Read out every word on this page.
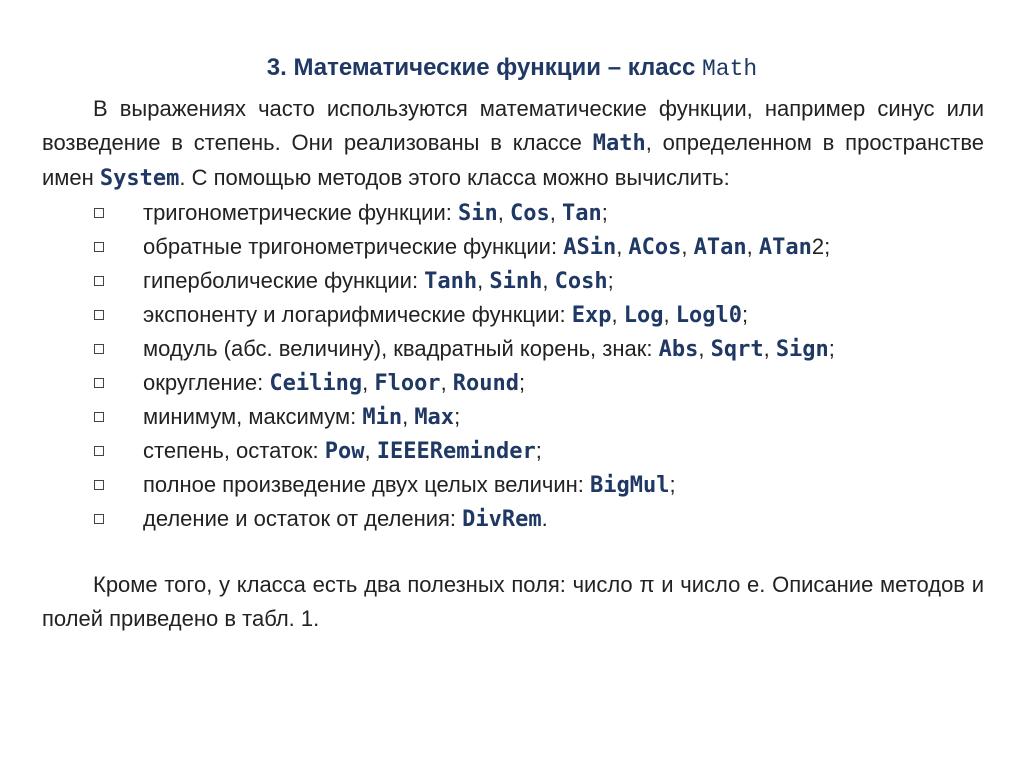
3. Математические функции – класс Math

В выражениях часто используются математические функции, например синус или возведение в степень. Они реализованы в классе Math, определенном в пространстве имен System. С помощью методов этого класса можно вычислить:

тригонометрические функции: Sin, Cos, Tan;
обратные тригонометрические функции: ASin, ACos, ATan, ATan2;
гиперболические функции: Tanh, Sinh, Cosh;
экспоненту и логарифмические функции: Exp, Log, Logl0;
модуль (абс. величину), квадратный корень, знак: Abs, Sqrt, Sign;
округление: Ceiling, Floor, Round;
минимум, максимум: Min, Max;
степень, остаток: Pow, IEEEReminder;
полное произведение двух целых величин: BigMul;
деление и остаток от деления: DivRem.

Кроме того, у класса есть два полезных поля: число π и число е. Описание методов и полей приведено в табл. 1.
